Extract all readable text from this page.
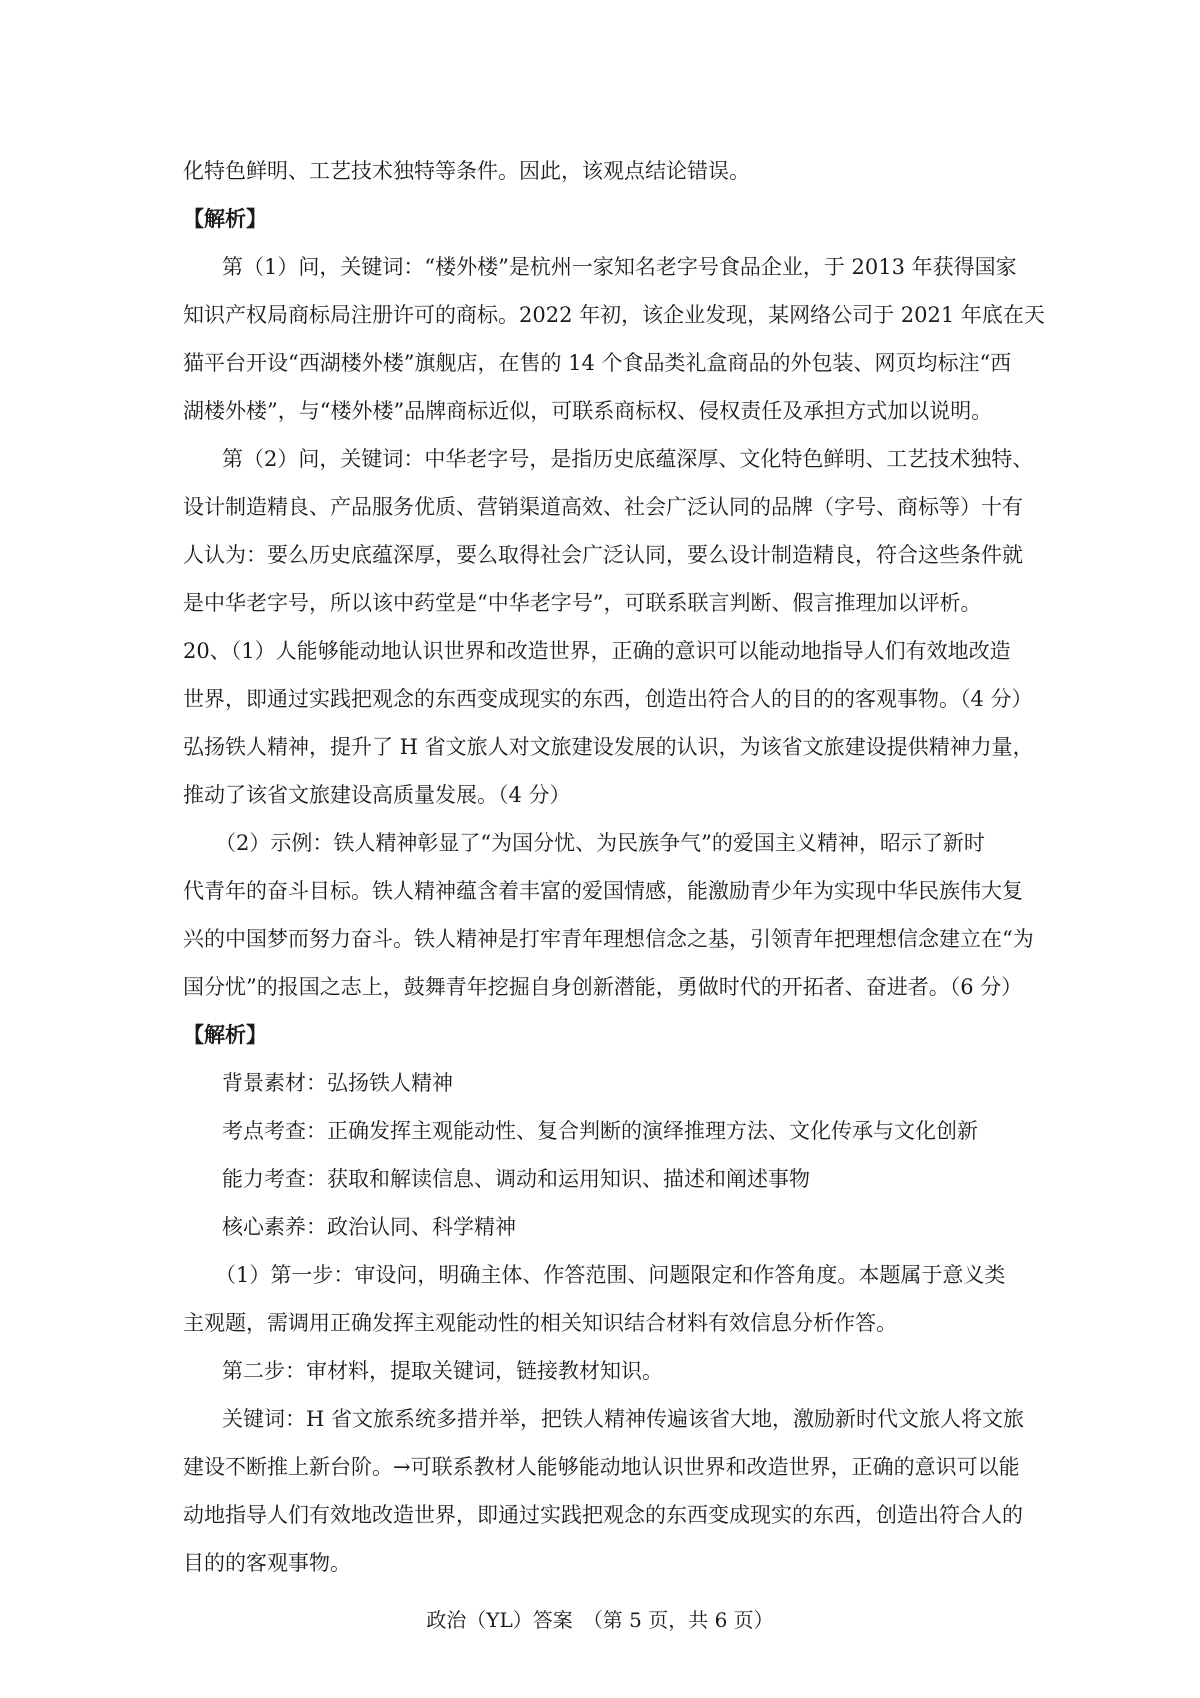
化特色鲜明、工艺技术独特等条件。因此，该观点结论错误。
【解析】
第（1）问，关键词：“楼外楼”是杭州一家知名老字号食品企业，于 2013 年获得国家
知识产权局商标局注册许可的商标。2022 年初，该企业发现，某网络公司于 2021 年底在天
猫平台开设“西湖楼外楼”旗舰店，在售的 14 个食品类礼盒商品的外包装、网页均标注“西
湖楼外楼”，与“楼外楼”品牌商标近似，可联系商标权、侵权责任及承担方式加以说明。
第（2）问，关键词：中华老字号，是指历史底蕴深厚、文化特色鲜明、工艺技术独特、
设计制造精良、产品服务优质、营销渠道高效、社会广泛认同的品牌（字号、商标等）十有
人认为：要么历史底蕴深厚，要么取得社会广泛认同，要么设计制造精良，符合这些条件就
是中华老字号，所以该中药堂是“中华老字号”，可联系联言判断、假言推理加以评析。
20、（1）人能够能动地认识世界和改造世界，正确的意识可以能动地指导人们有效地改造
世界，即通过实践把观念的东西变成现实的东西，创造出符合人的目的的客观事物。（4 分）
弘扬铁人精神，提升了 H 省文旅人对文旅建设发展的认识，为该省文旅建设提供精神力量，
推动了该省文旅建设高质量发展。（4 分）
（2）示例：铁人精神彰显了“为国分忧、为民族争气”的爱国主义精神，昭示了新时
代青年的奋斗目标。铁人精神蕴含着丰富的爱国情感，能激励青少年为实现中华民族伟大复
兴的中国梦而努力奋斗。铁人精神是打牢青年理想信念之基，引领青年把理想信念建立在“为
国分忧”的报国之志上，鼓舞青年挖掘自身创新潜能，勇做时代的开拓者、奋进者。（6 分）
【解析】
背景素材：弘扬铁人精神
考点考查：正确发挥主观能动性、复合判断的演绎推理方法、文化传承与文化创新
能力考查：获取和解读信息、调动和运用知识、描述和阐述事物
核心素养：政治认同、科学精神
（1）第一步：审设问，明确主体、作答范围、问题限定和作答角度。本题属于意义类
主观题，需调用正确发挥主观能动性的相关知识结合材料有效信息分析作答。
第二步：审材料，提取关键词，链接教材知识。
关键词：H 省文旅系统多措并举，把铁人精神传遍该省大地，激励新时代文旅人将文旅
建设不断推上新台阶。→可联系教材人能够能动地认识世界和改造世界，正确的意识可以能
动地指导人们有效地改造世界，即通过实践把观念的东西变成现实的东西，创造出符合人的
目的的客观事物。
政治（YL）答案　（第 5 页，共 6 页）
